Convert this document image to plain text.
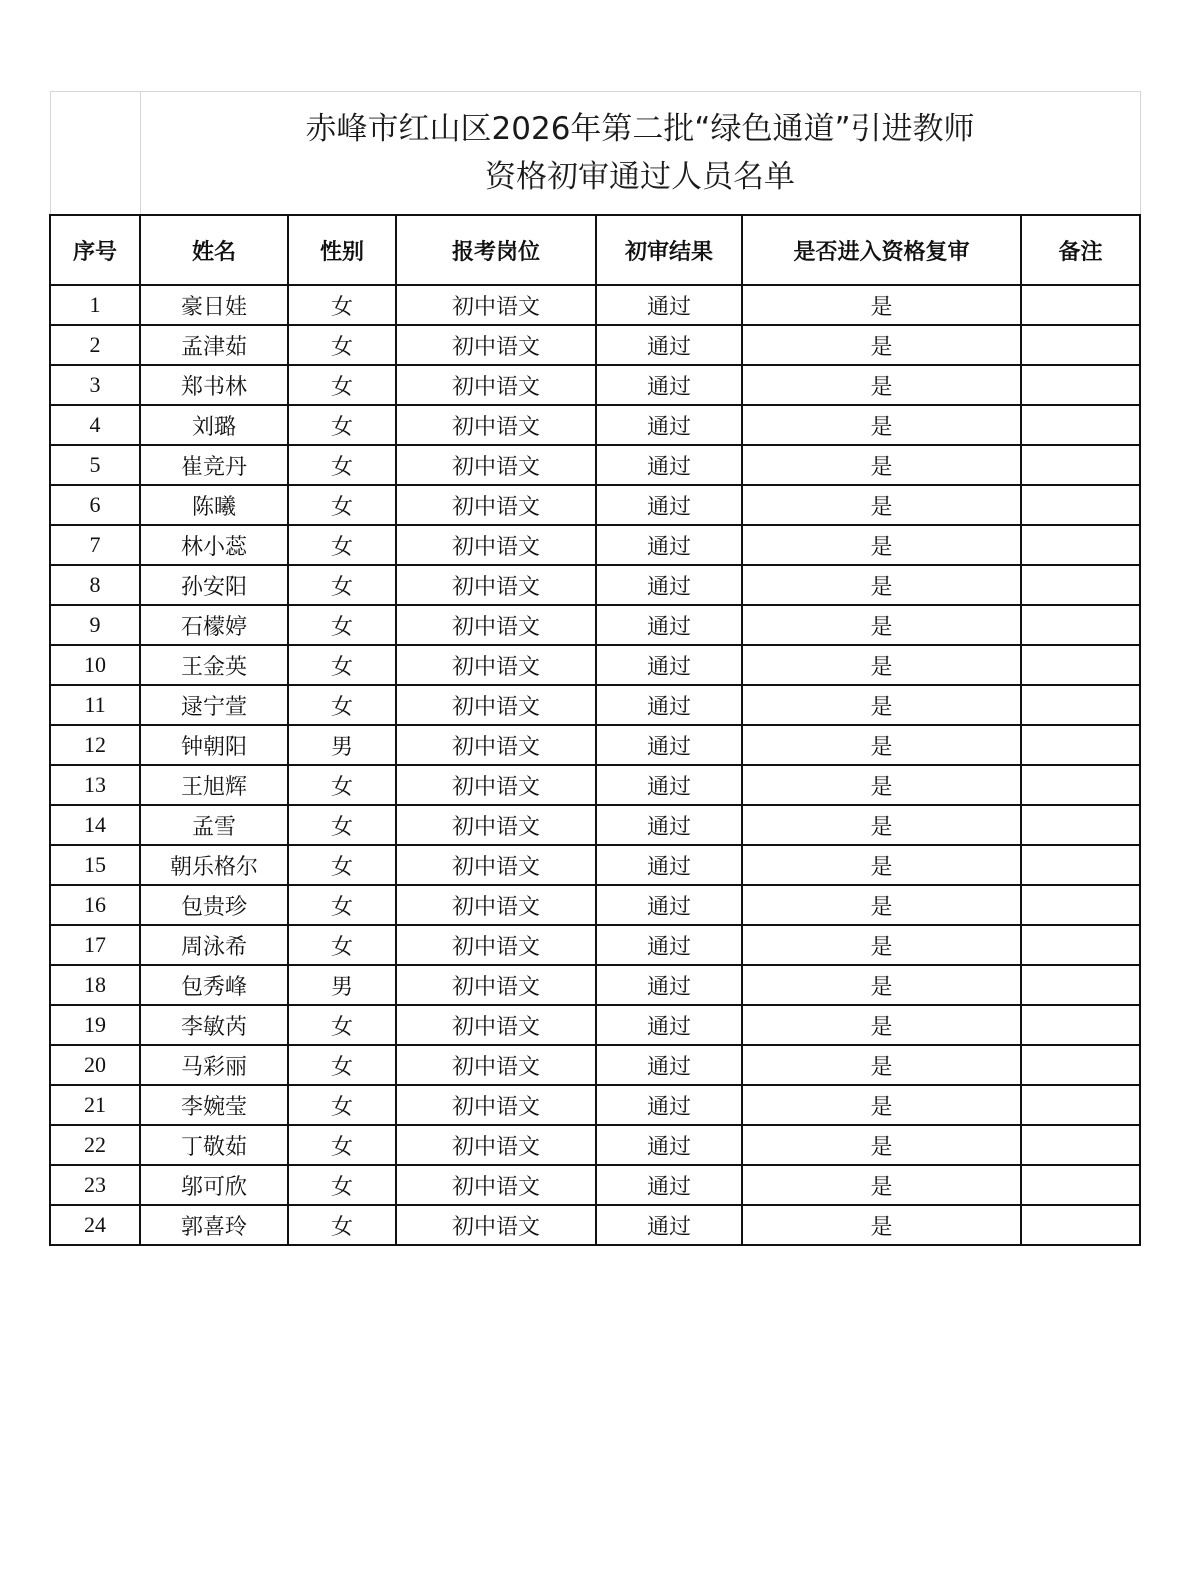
	赤峰市红山区2026年第二批“绿色通道”引进教师
资格初审通过人员名单					

序号	姓名	性别	报考岗位	初审结果	是否进入资格复审	备注
1	豪日娃	女	初中语文	通过	是	
2	孟津茹	女	初中语文	通过	是	
3	郑书林	女	初中语文	通过	是	
4	刘璐	女	初中语文	通过	是	
5	崔竞丹	女	初中语文	通过	是	
6	陈曦	女	初中语文	通过	是	
7	林小蕊	女	初中语文	通过	是	
8	孙安阳	女	初中语文	通过	是	
9	石檬婷	女	初中语文	通过	是	
10	王金英	女	初中语文	通过	是	
11	逯宁萱	女	初中语文	通过	是	
12	钟朝阳	男	初中语文	通过	是	
13	王旭辉	女	初中语文	通过	是	
14	孟雪	女	初中语文	通过	是	
15	朝乐格尔	女	初中语文	通过	是	
16	包贵珍	女	初中语文	通过	是	
17	周泳希	女	初中语文	通过	是	
18	包秀峰	男	初中语文	通过	是	
19	李敏芮	女	初中语文	通过	是	
20	马彩丽	女	初中语文	通过	是	
21	李婉莹	女	初中语文	通过	是	
22	丁敬茹	女	初中语文	通过	是	
23	邬可欣	女	初中语文	通过	是	
24	郭喜玲	女	初中语文	通过	是	
